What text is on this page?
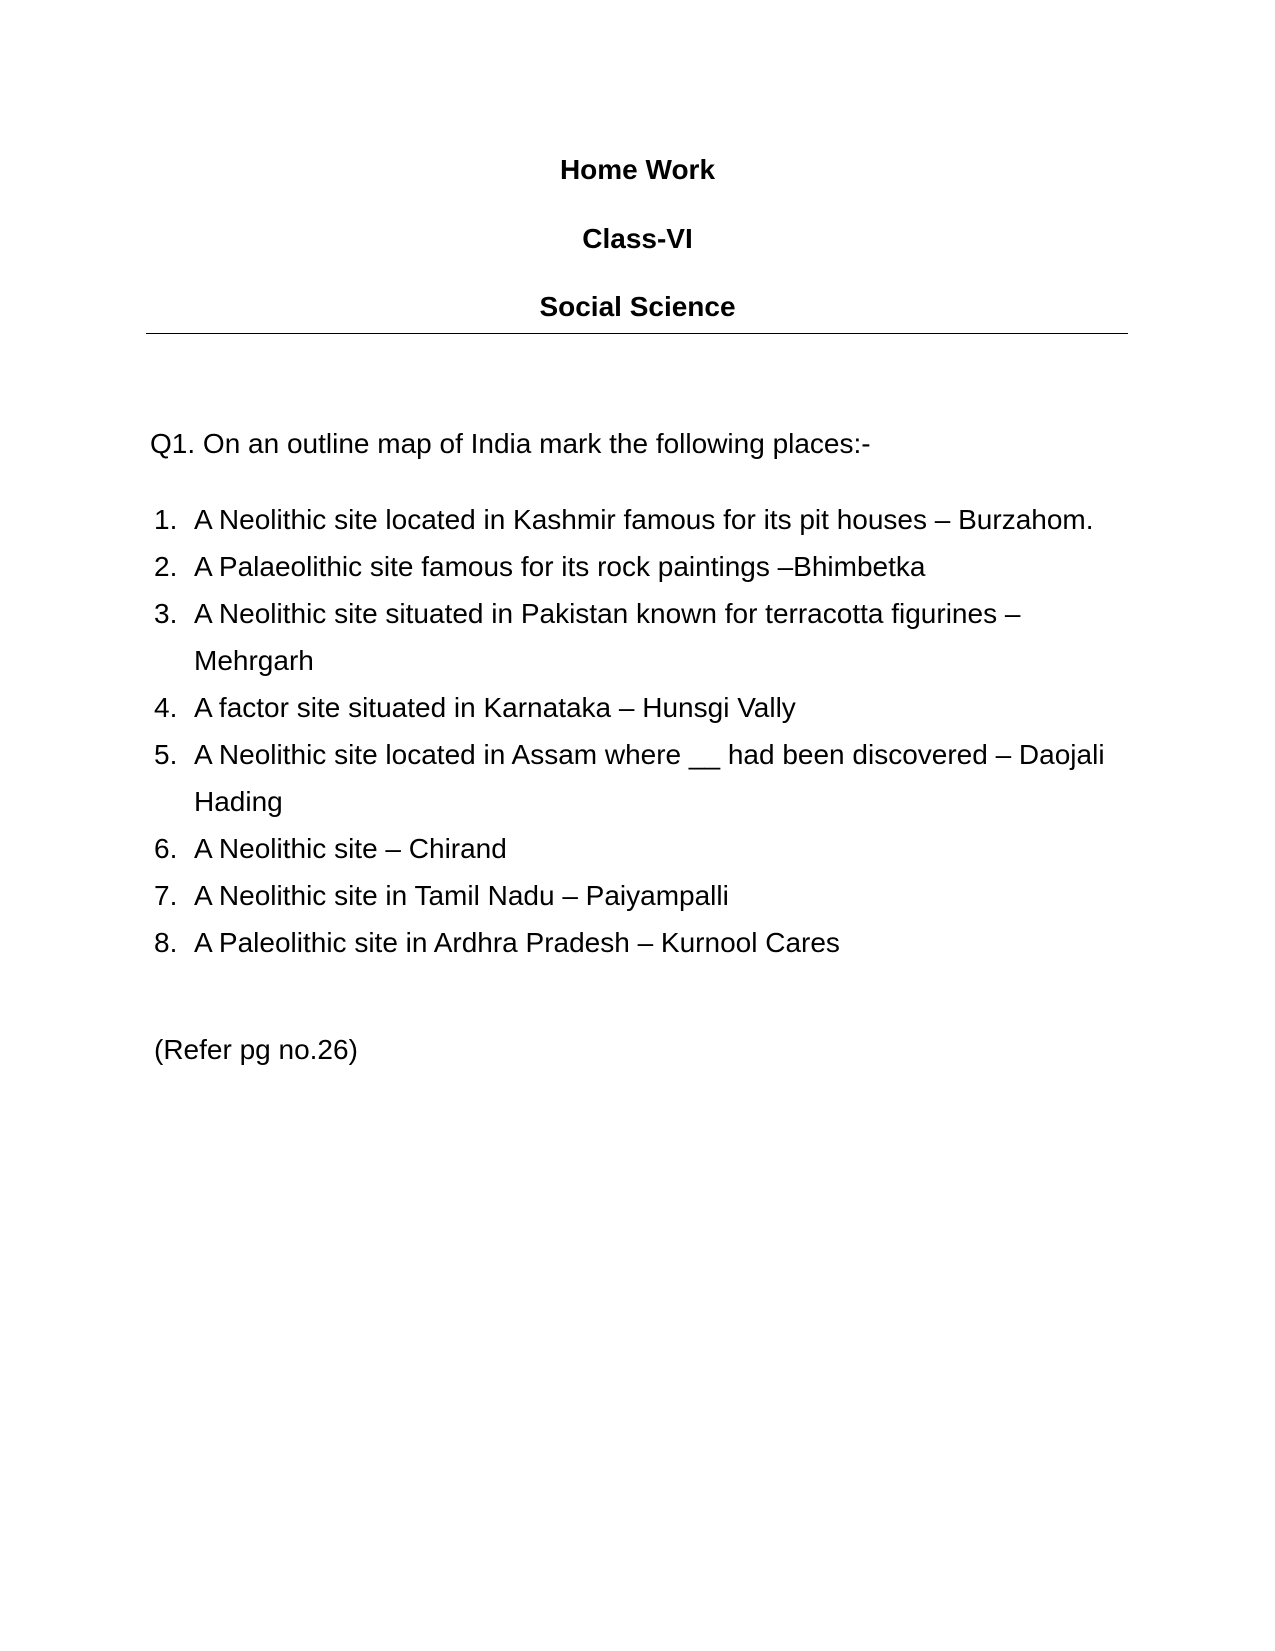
Home Work
Class-VI
Social Science

Q1. On an outline map of India mark the following places:-

1. A Neolithic site located in Kashmir famous for its pit houses – Burzahom.
2. A Palaeolithic site famous for its rock paintings –Bhimbetka
3. A Neolithic site situated in Pakistan known for terracotta figurines – Mehrgarh
4. A factor site situated in Karnataka – Hunsgi Vally
5. A Neolithic site located in Assam where __ had been discovered – Daojali Hading
6. A Neolithic site – Chirand
7. A Neolithic site in Tamil Nadu – Paiyampalli
8. A Paleolithic site in Ardhra Pradesh – Kurnool Cares

(Refer pg no.26)
